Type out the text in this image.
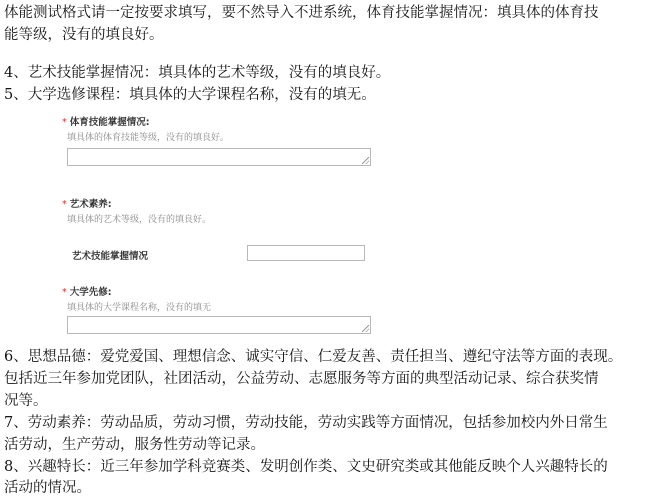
体能测试格式请一定按要求填写，要不然导入不进系统，体育技能掌握情况：填具体的体育技

能等级，没有的填良好。

4、艺术技能掌握情况：填具体的艺术等级，没有的填良好。

5、大学选修课程：填具体的大学课程名称，没有的填无。

* 体育技能掌握情况:
填具体的体育技能等级，没有的填良好。
* 艺术素养:
填具体的艺术等级，没有的填良好。
艺术技能掌握情况
* 大学先修:
填具体的大学课程名称，没有的填无

6、思想品德：爱党爱国、理想信念、诚实守信、仁爱友善、责任担当、遵纪守法等方面的表现。

包括近三年参加党团队，社团活动，公益劳动、志愿服务等方面的典型活动记录、综合获奖情

况等。

7、劳动素养：劳动品质，劳动习惯，劳动技能，劳动实践等方面情况，包括参加校内外日常生

活劳动，生产劳动，服务性劳动等记录。

8、兴趣特长：近三年参加学科竞赛类、发明创作类、文史研究类或其他能反映个人兴趣特长的

活动的情况。
